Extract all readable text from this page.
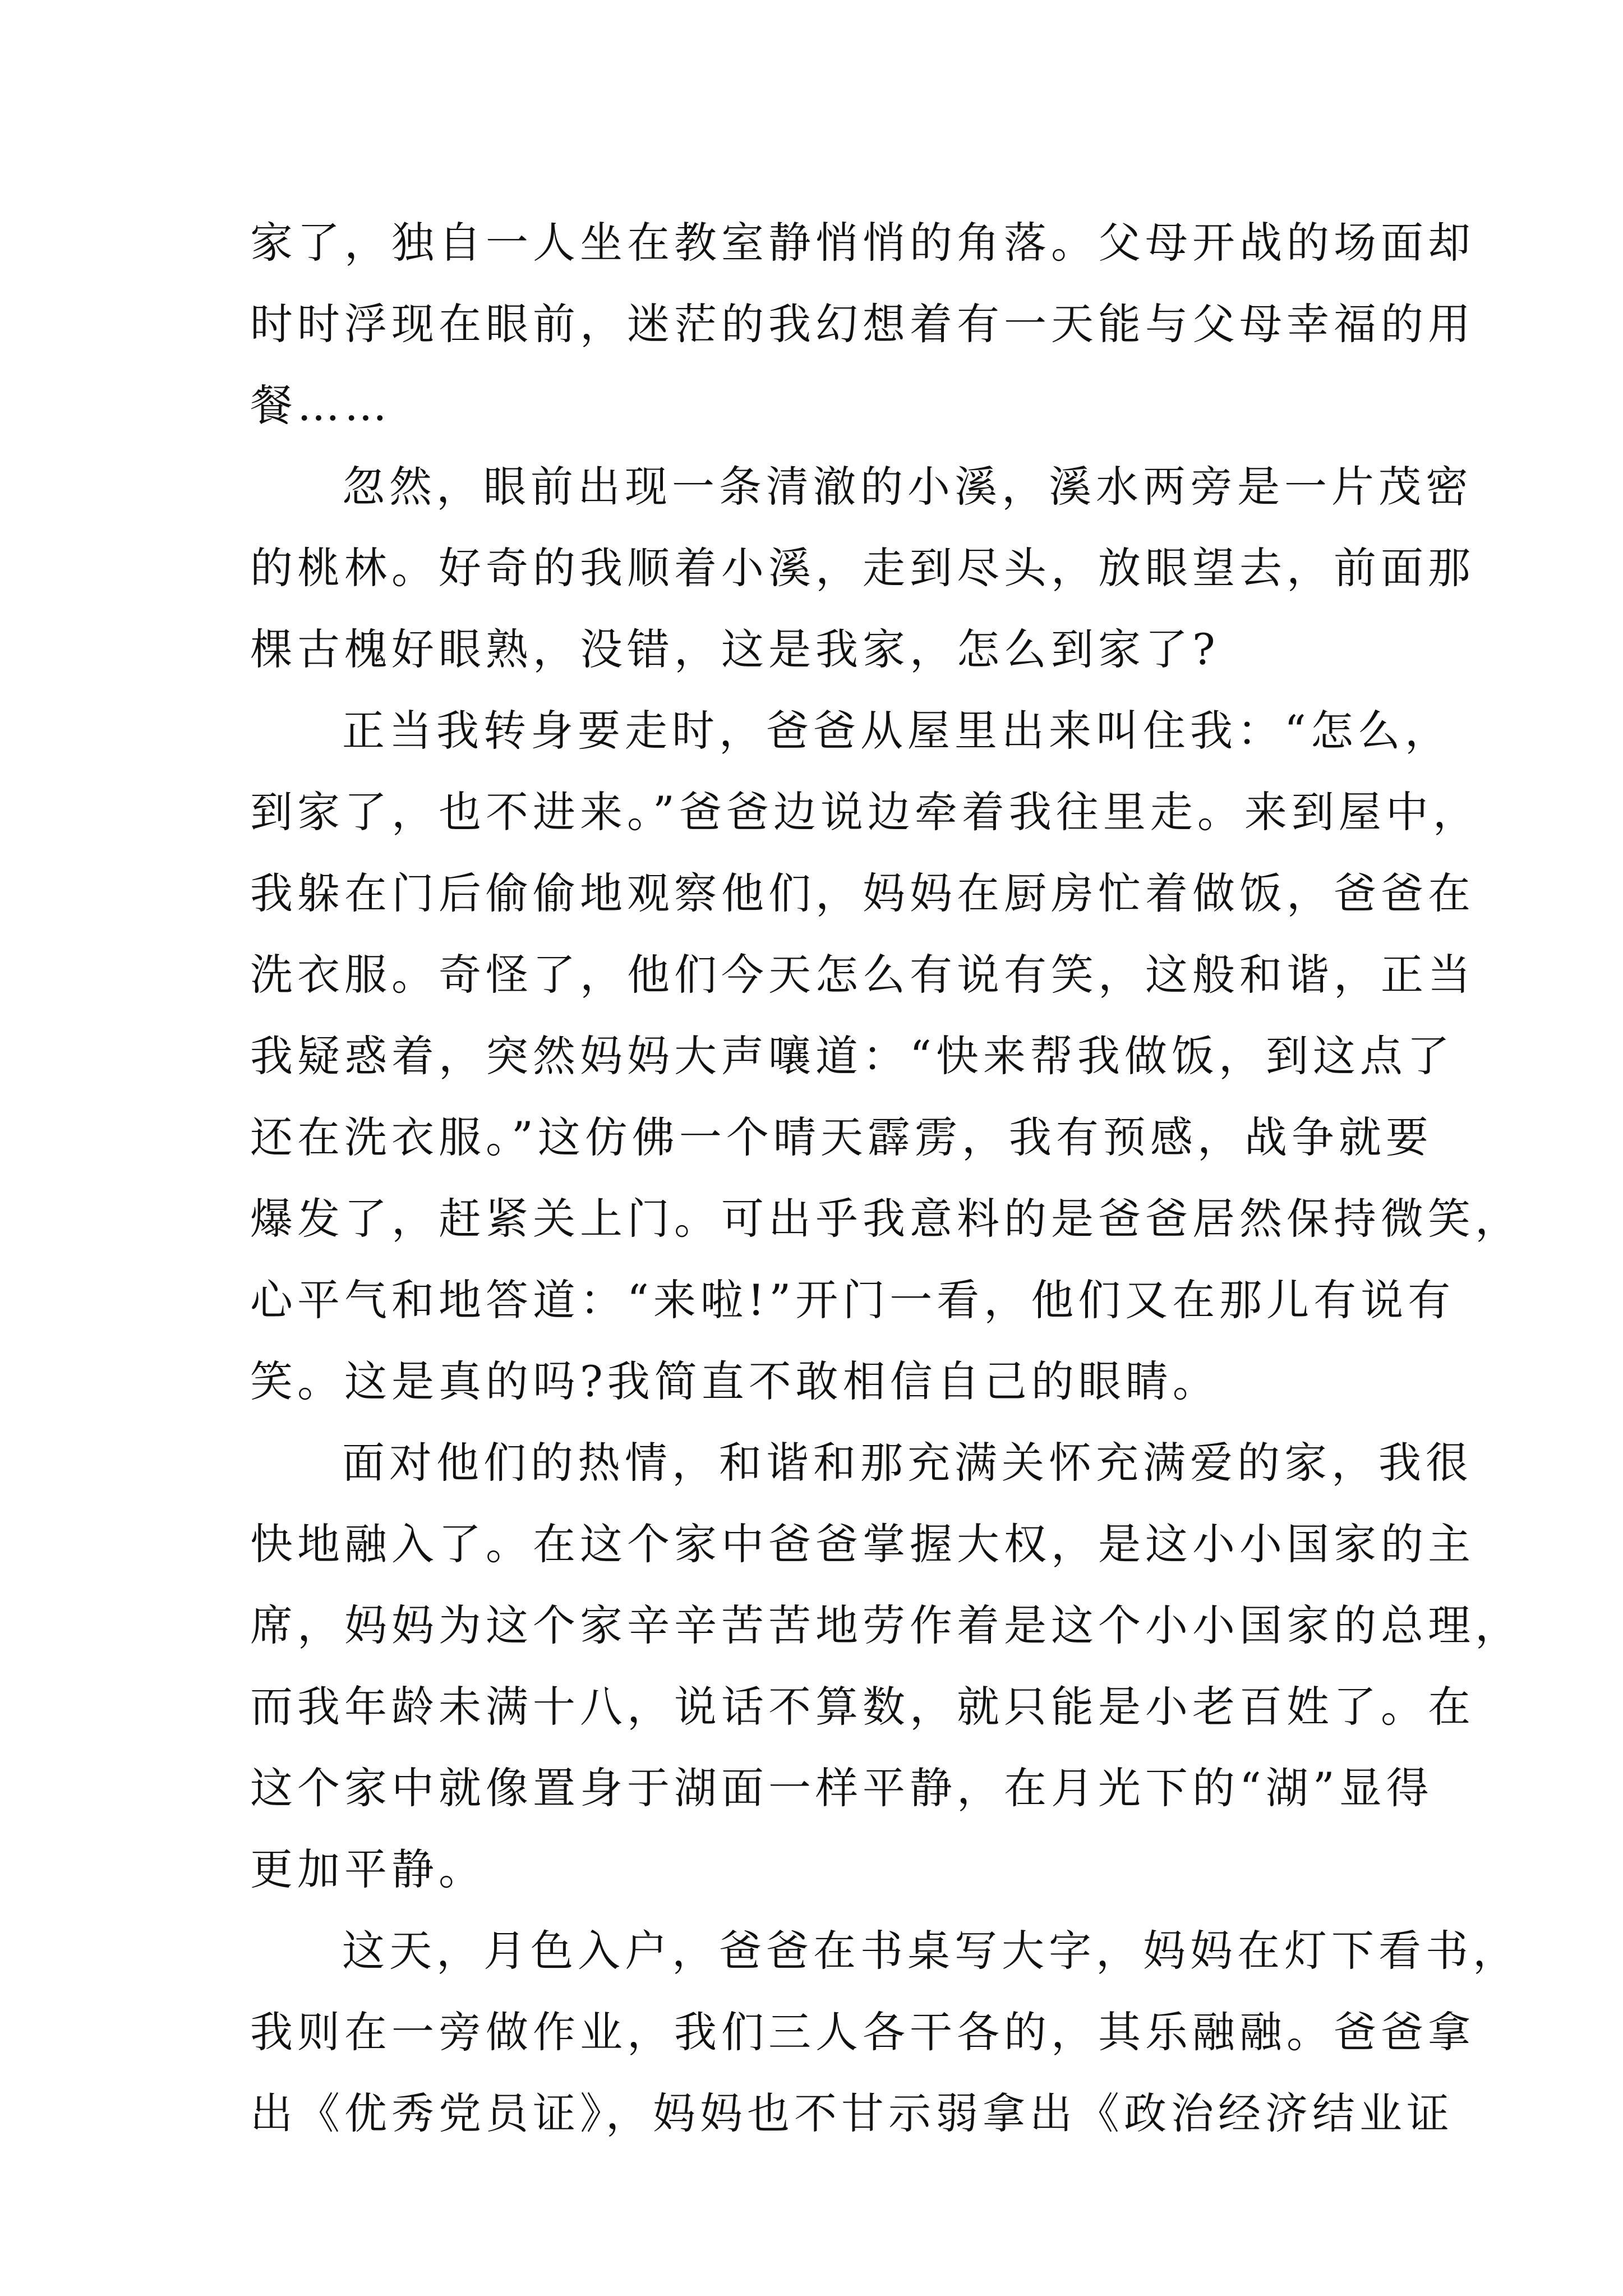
家了，独自一人坐在教室静悄悄的角落。父母开战的场面却
时时浮现在眼前，迷茫的我幻想着有一天能与父母幸福的用
餐……
忽然，眼前出现一条清澈的小溪，溪水两旁是一片茂密
的桃林。好奇的我顺着小溪，走到尽头，放眼望去，前面那
棵古槐好眼熟，没错，这是我家，怎么到家了?
正当我转身要走时，爸爸从屋里出来叫住我：“怎么，
到家了，也不进来。”爸爸边说边牵着我往里走。来到屋中，
我躲在门后偷偷地观察他们，妈妈在厨房忙着做饭，爸爸在
洗衣服。奇怪了，他们今天怎么有说有笑，这般和谐，正当
我疑惑着，突然妈妈大声嚷道：“快来帮我做饭，到这点了
还在洗衣服。”这仿佛一个晴天霹雳，我有预感，战争就要
爆发了，赶紧关上门。可出乎我意料的是爸爸居然保持微笑，
心平气和地答道：“来啦!”开门一看，他们又在那儿有说有
笑。这是真的吗?我简直不敢相信自己的眼睛。
面对他们的热情，和谐和那充满关怀充满爱的家，我很
快地融入了。在这个家中爸爸掌握大权，是这小小国家的主
席，妈妈为这个家辛辛苦苦地劳作着是这个小小国家的总理，
而我年龄未满十八，说话不算数，就只能是小老百姓了。在
这个家中就像置身于湖面一样平静，在月光下的“湖”显得
更加平静。
这天，月色入户，爸爸在书桌写大字，妈妈在灯下看书，
我则在一旁做作业，我们三人各干各的，其乐融融。爸爸拿
出《优秀党员证》，妈妈也不甘示弱拿出《政治经济结业证
